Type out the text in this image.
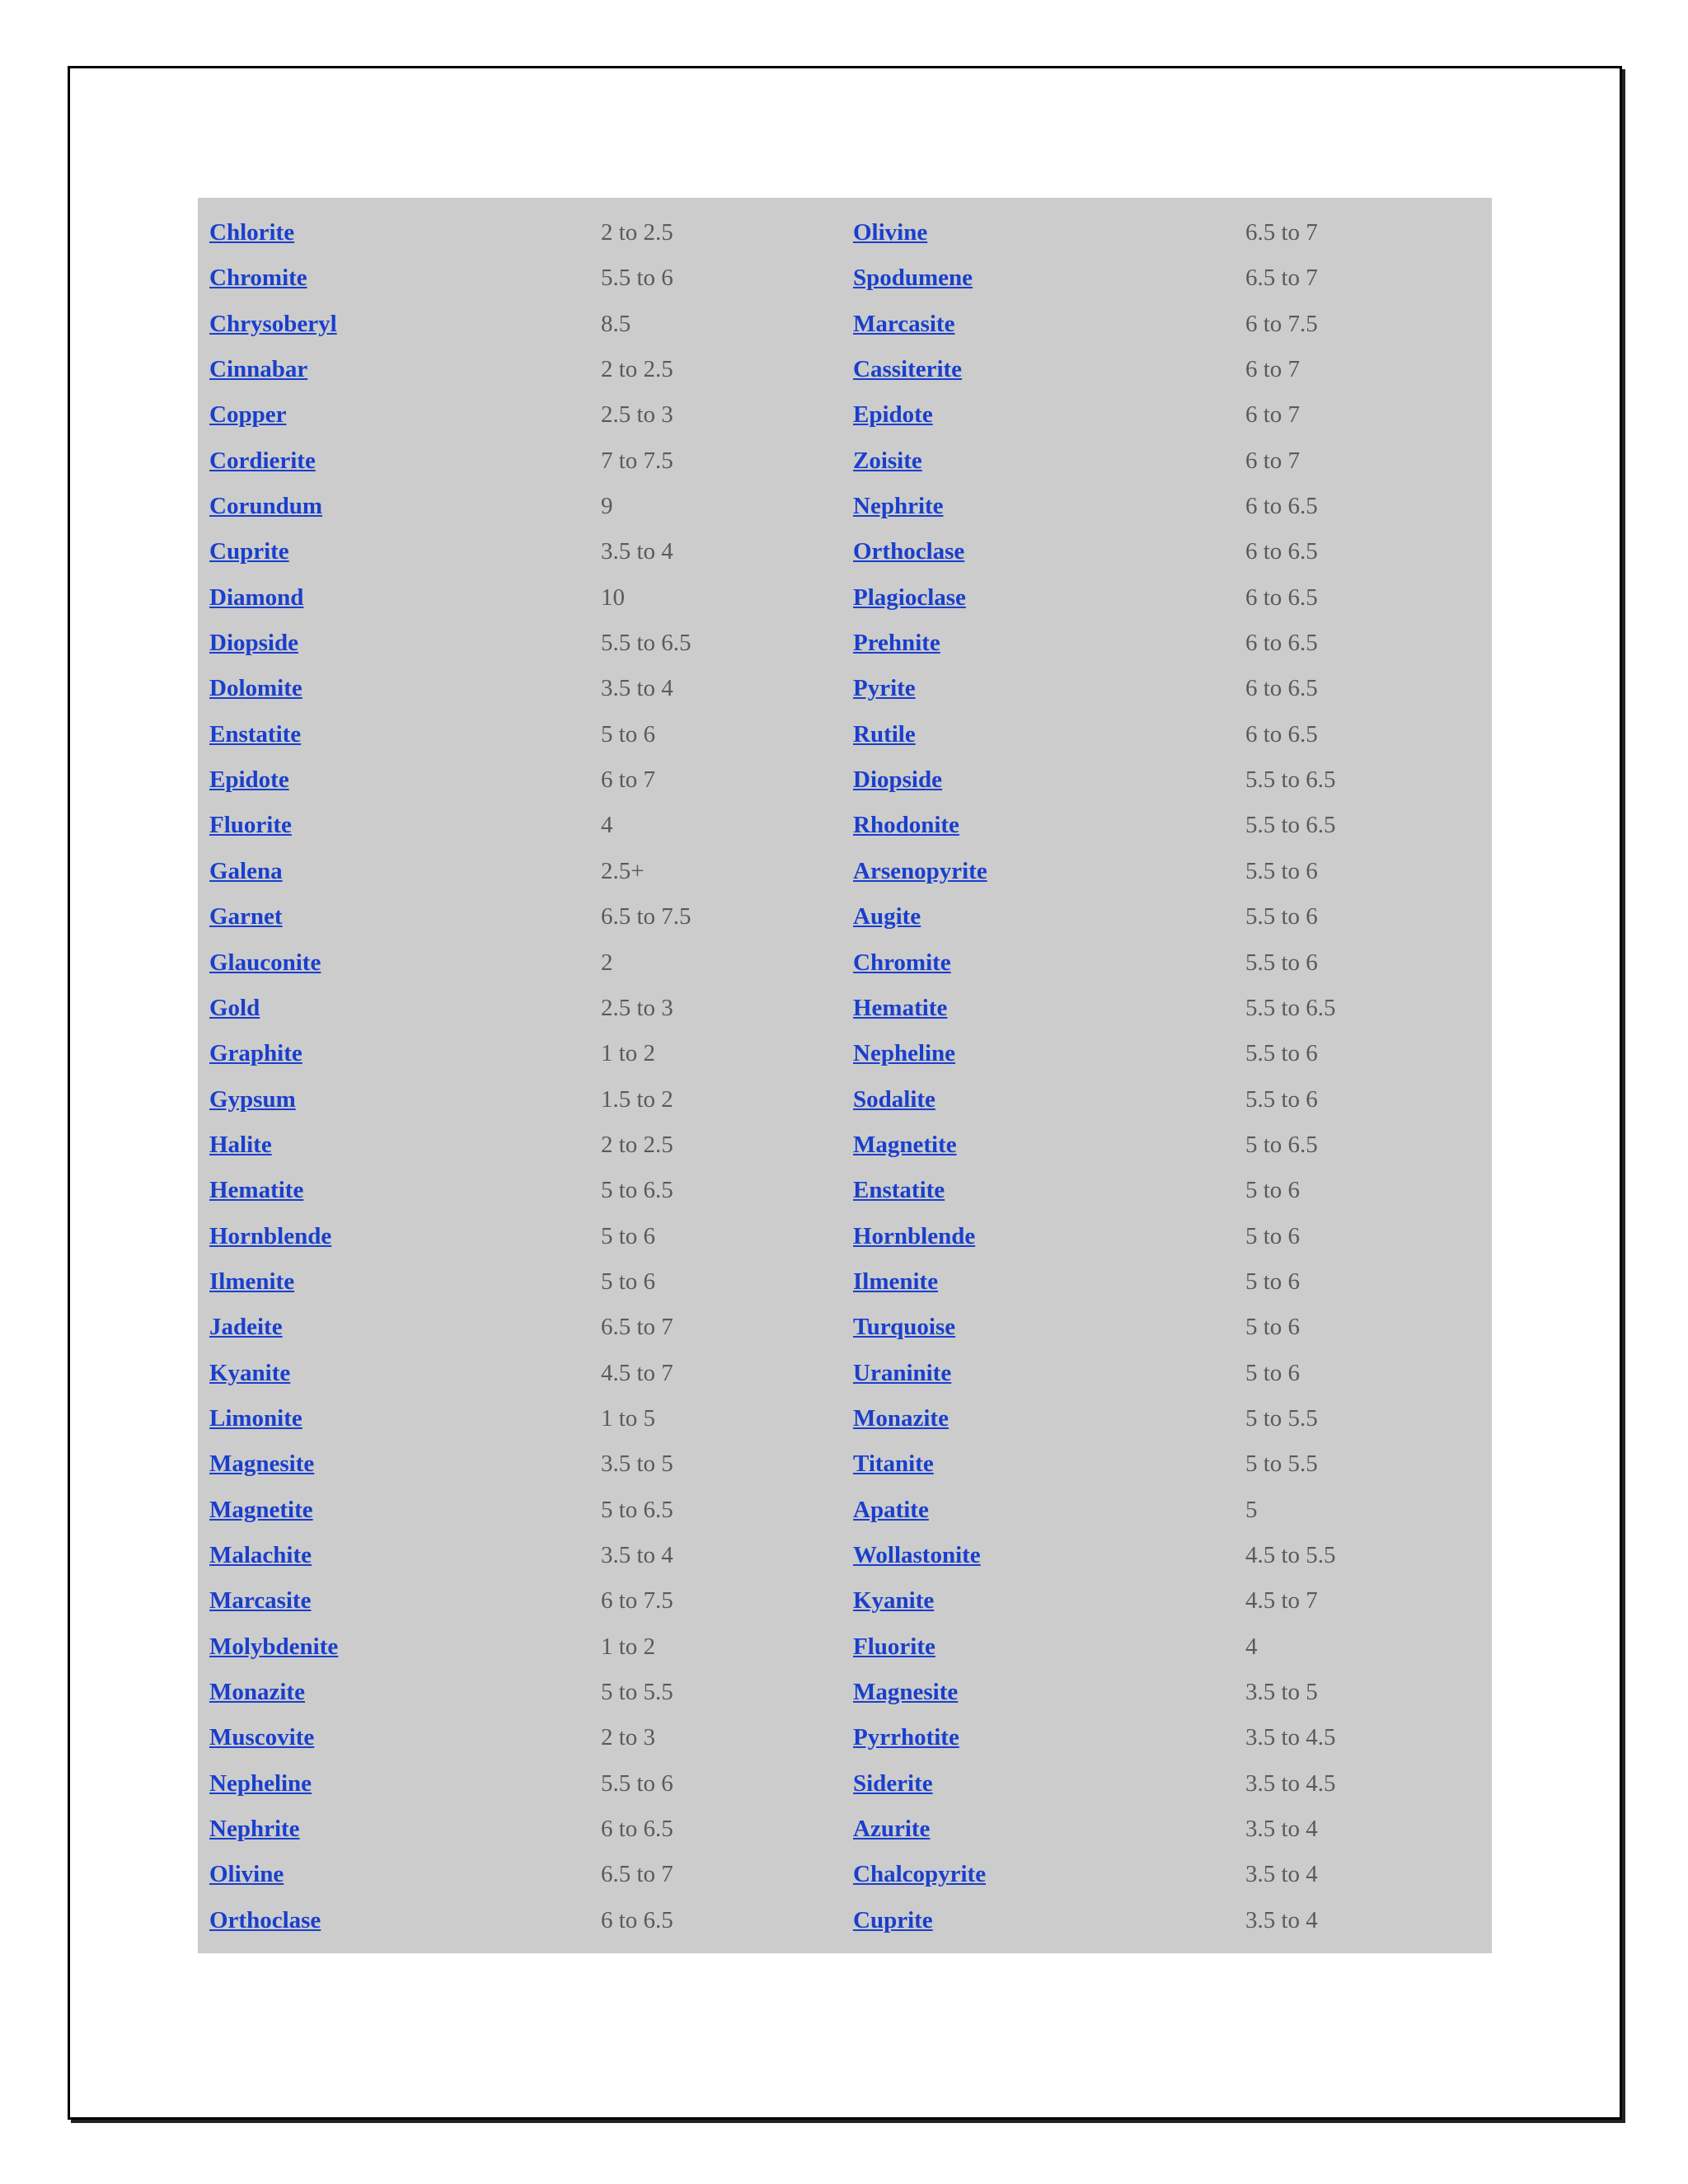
Chlorite	2 to 2.5	Olivine	6.5 to 7
Chromite	5.5 to 6	Spodumene	6.5 to 7
Chrysoberyl	8.5	Marcasite	6 to 7.5
Cinnabar	2 to 2.5	Cassiterite	6 to 7
Copper	2.5 to 3	Epidote	6 to 7
Cordierite	7 to 7.5	Zoisite	6 to 7
Corundum	9	Nephrite	6 to 6.5
Cuprite	3.5 to 4	Orthoclase	6 to 6.5
Diamond	10	Plagioclase	6 to 6.5
Diopside	5.5 to 6.5	Prehnite	6 to 6.5
Dolomite	3.5 to 4	Pyrite	6 to 6.5
Enstatite	5 to 6	Rutile	6 to 6.5
Epidote	6 to 7	Diopside	5.5 to 6.5
Fluorite	4	Rhodonite	5.5 to 6.5
Galena	2.5+	Arsenopyrite	5.5 to 6
Garnet	6.5 to 7.5	Augite	5.5 to 6
Glauconite	2	Chromite	5.5 to 6
Gold	2.5 to 3	Hematite	5.5 to 6.5
Graphite	1 to 2	Nepheline	5.5 to 6
Gypsum	1.5 to 2	Sodalite	5.5 to 6
Halite	2 to 2.5	Magnetite	5 to 6.5
Hematite	5 to 6.5	Enstatite	5 to 6
Hornblende	5 to 6	Hornblende	5 to 6
Ilmenite	5 to 6	Ilmenite	5 to 6
Jadeite	6.5 to 7	Turquoise	5 to 6
Kyanite	4.5 to 7	Uraninite	5 to 6
Limonite	1 to 5	Monazite	5 to 5.5
Magnesite	3.5 to 5	Titanite	5 to 5.5
Magnetite	5 to 6.5	Apatite	5
Malachite	3.5 to 4	Wollastonite	4.5 to 5.5
Marcasite	6 to 7.5	Kyanite	4.5 to 7
Molybdenite	1 to 2	Fluorite	4
Monazite	5 to 5.5	Magnesite	3.5 to 5
Muscovite	2 to 3	Pyrrhotite	3.5 to 4.5
Nepheline	5.5 to 6	Siderite	3.5 to 4.5
Nephrite	6 to 6.5	Azurite	3.5 to 4
Olivine	6.5 to 7	Chalcopyrite	3.5 to 4
Orthoclase	6 to 6.5	Cuprite	3.5 to 4
